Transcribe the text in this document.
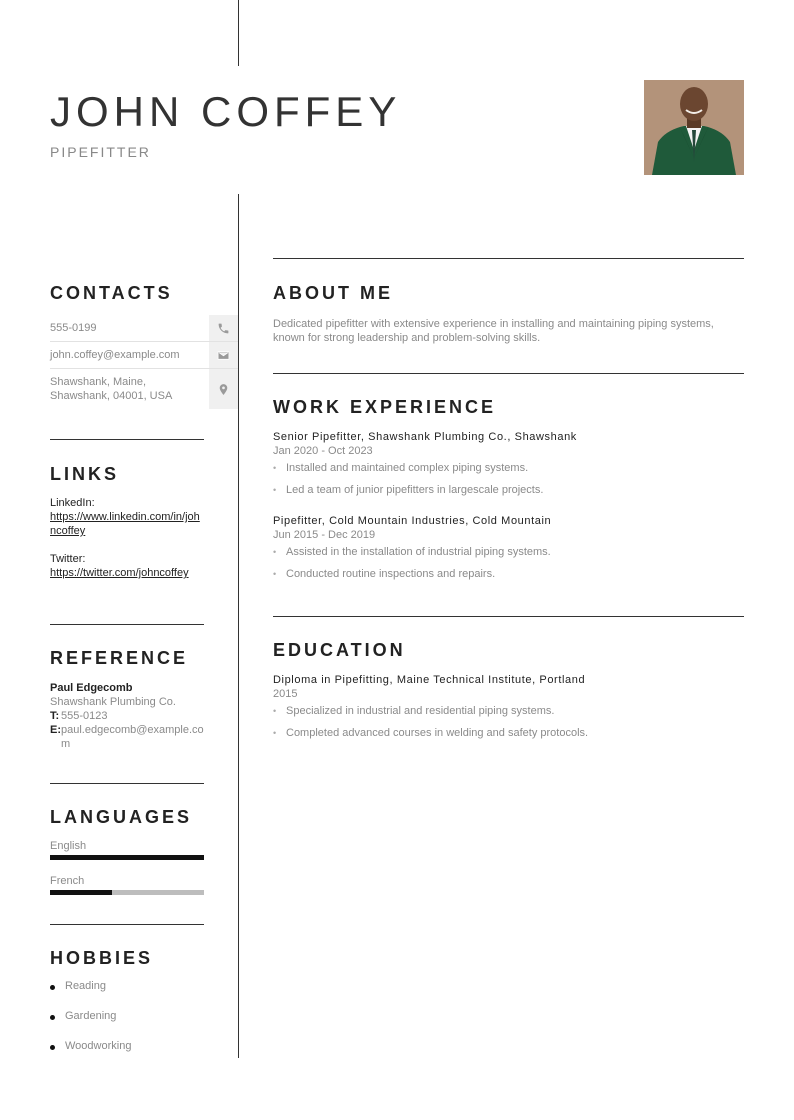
JOHN COFFEY
PIPEFITTER
CONTACTS
555-0199
john.coffey@example.com
Shawshank, Maine, Shawshank, 04001, USA
LINKS
LinkedIn:
https://www.linkedin.com/in/johncoffey
Twitter:
https://twitter.com/johncoffey
REFERENCE
Paul Edgecomb
Shawshank Plumbing Co.
T: 555-0123
E: paul.edgecomb@example.com
LANGUAGES
English
French
HOBBIES
Reading
Gardening
Woodworking
ABOUT ME

Dedicated pipefitter with extensive experience in installing and maintaining piping systems, known for strong leadership and problem-solving skills.

WORK EXPERIENCE

Senior Pipefitter, Shawshank Plumbing Co., Shawshank

Jan 2020 - Oct 2023

• Installed and maintained complex piping systems.
• Led a team of junior pipefitters in largescale projects.

Pipefitter, Cold Mountain Industries, Cold Mountain

Jun 2015 - Dec 2019

• Assisted in the installation of industrial piping systems.
• Conducted routine inspections and repairs.
EDUCATION

Diploma in Pipefitting, Maine Technical Institute, Portland

2015

• Specialized in industrial and residential piping systems.
• Completed advanced courses in welding and safety protocols.
